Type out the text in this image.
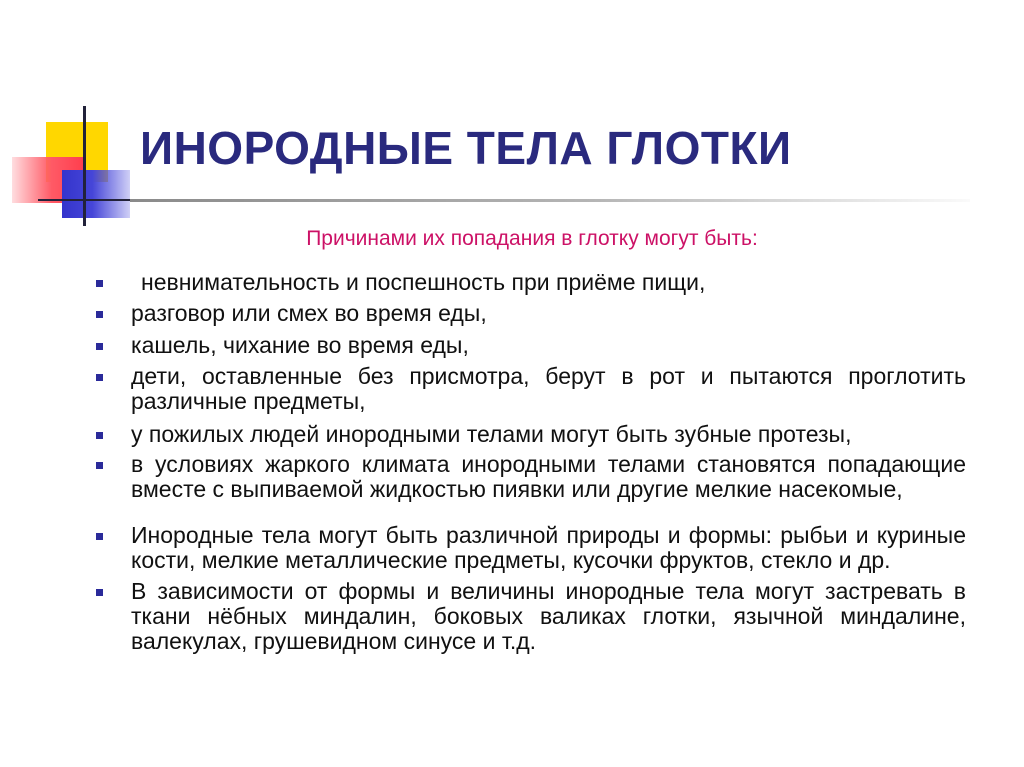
ИНОРОДНЫЕ ТЕЛА ГЛОТКИ

Причинами их попадания в глотку могут быть:

невнимательность и поспешность при приёме пищи,
разговор или смех во время еды,
кашель, чихание во время еды,
дети, оставленные без присмотра, берут в рот и пытаются проглотить различные предметы,
у пожилых людей инородными телами могут быть зубные протезы,
в условиях жаркого климата инородными телами становятся попадающие вместе с выпиваемой жидкостью пиявки или другие мелкие насекомые,
Инородные тела могут быть различной природы и формы: рыбьи и куриные кости, мелкие металлические предметы, кусочки фруктов, стекло и др.
В зависимости от формы и величины инородные тела могут застревать в ткани нёбных миндалин, боковых валиках глотки, язычной миндалине, валекулах, грушевидном синусе и т.д.
